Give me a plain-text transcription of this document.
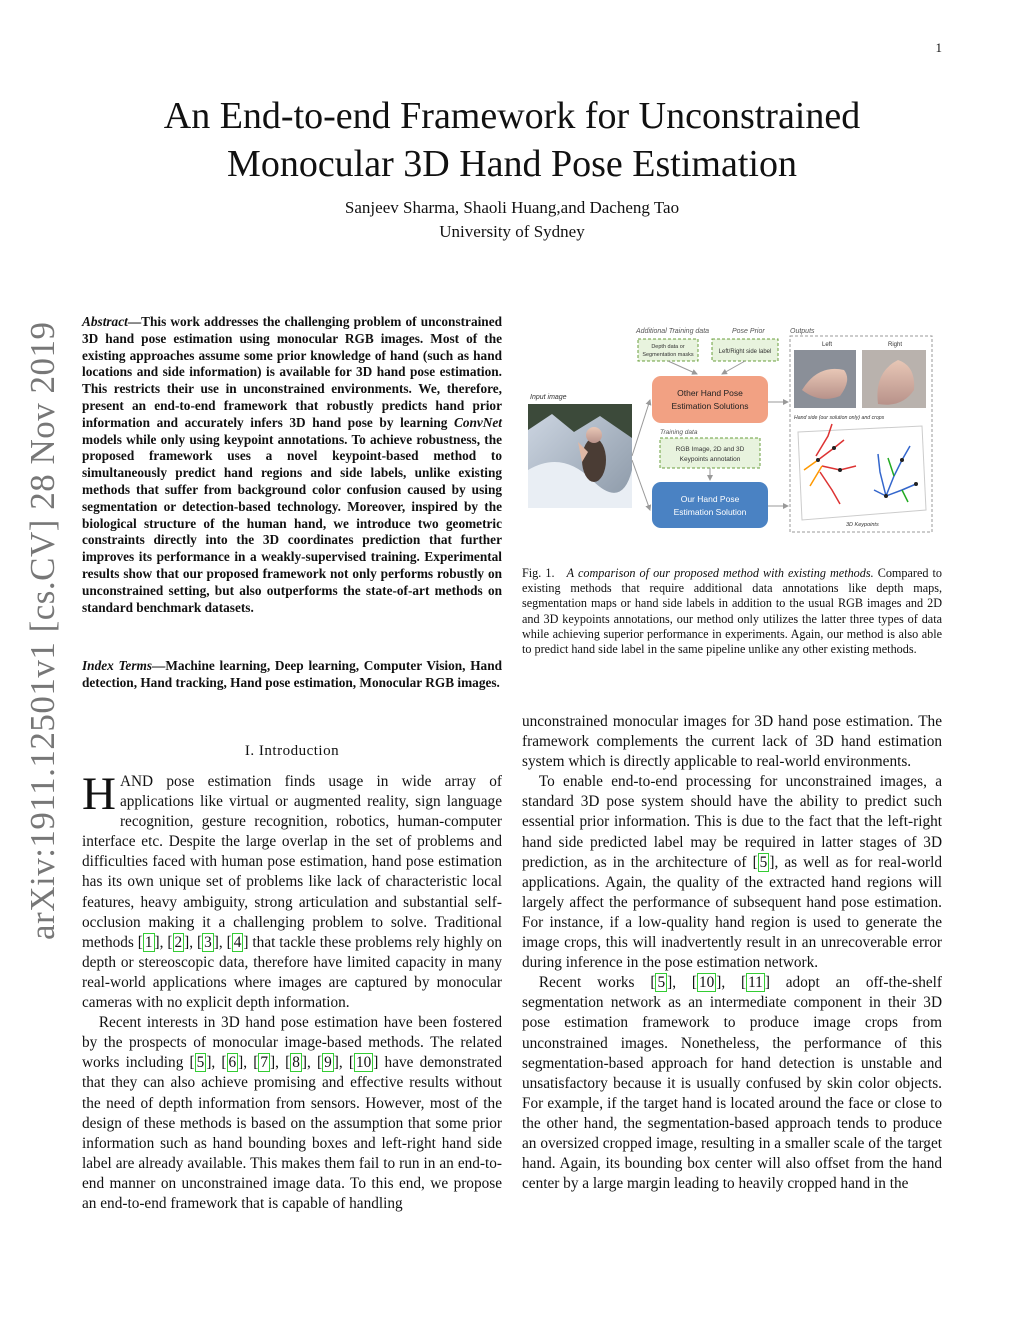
1
arXiv:1911.12501v1 [cs.CV] 28 Nov 2019
An End-to-end Framework for Unconstrained
Monocular 3D Hand Pose Estimation
Sanjeev Sharma, Shaoli Huang,and Dacheng Tao
University of Sydney
Abstract—This work addresses the challenging problem of unconstrained 3D hand pose estimation using monocular RGB images. Most of the existing approaches assume some prior knowledge of hand (such as hand locations and side information) is available for 3D hand pose estimation. This restricts their use in unconstrained environments. We, therefore, present an end-to-end framework that robustly predicts hand prior information and accurately infers 3D hand pose by learning ConvNet models while only using keypoint annotations. To achieve robustness, the proposed framework uses a novel keypoint-based method to simultaneously predict hand regions and side labels, unlike existing methods that suffer from background color confusion caused by using segmentation or detection-based technology. Moreover, inspired by the biological structure of the human hand, we introduce two geometric constraints directly into the 3D coordinates prediction that further improves its performance in a weakly-supervised training. Experimental results show that our proposed framework not only performs robustly on unconstrained setting, but also outperforms the state-of-art methods on standard benchmark datasets.
Index Terms—Machine learning, Deep learning, Computer Vision, Hand detection, Hand tracking, Hand pose estimation, Monocular RGB images.
I. Introduction

HAND pose estimation finds usage in wide array of applications like virtual or augmented reality, sign language recognition, gesture recognition, robotics, human-computer interface etc. Despite the large overlap in the set of problems and difficulties faced with human pose estimation, hand pose estimation has its own unique set of problems like lack of characteristic local features, heavy ambiguity, strong articulation and substantial self-occlusion making it a challenging problem to solve. Traditional methods [ 1 ], [ 2 ], [ 3 ], [ 4 ] that tackle these problems rely highly on depth or stereoscopic data, therefore have limited capacity in many real-world applications where images are captured by monocular cameras with no explicit depth information.

Recent interests in 3D hand pose estimation have been fostered by the prospects of monocular image-based methods. The related works including [ 5 ], [ 6 ], [ 7 ], [ 8 ], [ 9 ], [ 10 ] have demonstrated that they can also achieve promising and effective results without the need of depth information from sensors. However, most of the design of these methods is based on the assumption that some prior information such as hand bounding boxes and left-right hand side label are already available. This makes them fail to run in an end-to-end manner on unconstrained image data. To this end, we propose an end-to-end framework that is capable of handling

Additional Training data	Pose Prior	Outputs
Depth data or
Segmentation masks	Left/Right side label
Other Hand Pose
Estimation Solutions
Input image
Training data
RGB Image, 2D and 3D
Keypoints annotation
Our Hand Pose
Estimation Solution
Left	Right
Hand side (our solution only) and crops
3D Keypoints
Fig. 1. A comparison of our proposed method with existing methods. Compared to existing methods that require additional data annotations like depth maps, segmentation maps or hand side labels in addition to the usual RGB images and 2D and 3D keypoints annotations, our method only utilizes the latter three types of data while achieving superior performance in experiments. Again, our method is also able to predict hand side label in the same pipeline unlike any other existing methods.

unconstrained monocular images for 3D hand pose estimation. The framework complements the current lack of 3D hand estimation system which is directly applicable to real-world environments.

To enable end-to-end processing for unconstrained images, a standard 3D pose system should have the ability to predict such essential prior information. This is due to the fact that the left-right hand side predicted label may be required in latter stages of 3D prediction, as in the architecture of [ 5 ], as well as for real-world applications. Again, the quality of the extracted hand regions will largely affect the performance of subsequent hand pose estimation. For instance, if a low-quality hand region is used to generate the image crops, this will inadvertently result in an unrecoverable error during inference in the pose estimation network.

Recent works [ 5 ], [ 10 ], [ 11 ] adopt an off-the-shelf segmentation network as an intermediate component in their 3D pose estimation framework to produce image crops from unconstrained images. Nonetheless, the performance of this segmentation-based approach for hand detection is unstable and unsatisfactory because it is usually confused by skin color objects. For example, if the target hand is located around the face or close to the other hand, the segmentation-based approach tends to produce an oversized cropped image, resulting in a smaller scale of the target hand. Again, its bounding box center will also offset from the hand center by a large margin leading to heavily cropped hand in the
